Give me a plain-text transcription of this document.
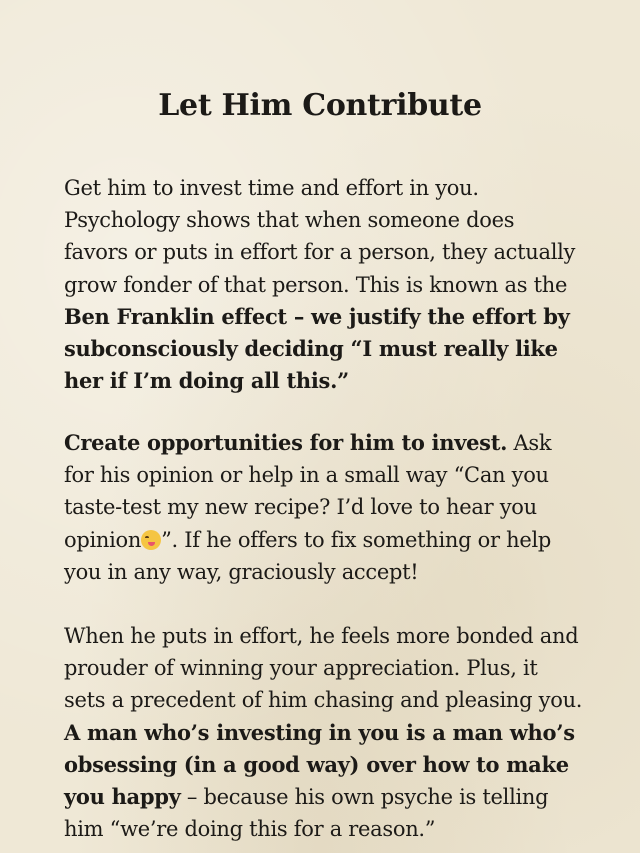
Let Him Contribute

Get him to invest time and effort in you. Psychology shows that when someone does favors or puts in effort for a person, they actually grow fonder of that person. This is known as the Ben Franklin effect – we justify the effort by subconsciously deciding “I must really like her if I’m doing all this.”

Create opportunities for him to invest. Ask for his opinion or help in a small way “Can you taste-test my new recipe? I’d love to hear you opinion ”. If he offers to fix something or help you in any way, graciously accept!

When he puts in effort, he feels more bonded and prouder of winning your appreciation. Plus, it sets a precedent of him chasing and pleasing you. A man who’s investing in you is a man who’s obsessing (in a good way) over how to make you happy – because his own psyche is telling him “we’re doing this for a reason.”
